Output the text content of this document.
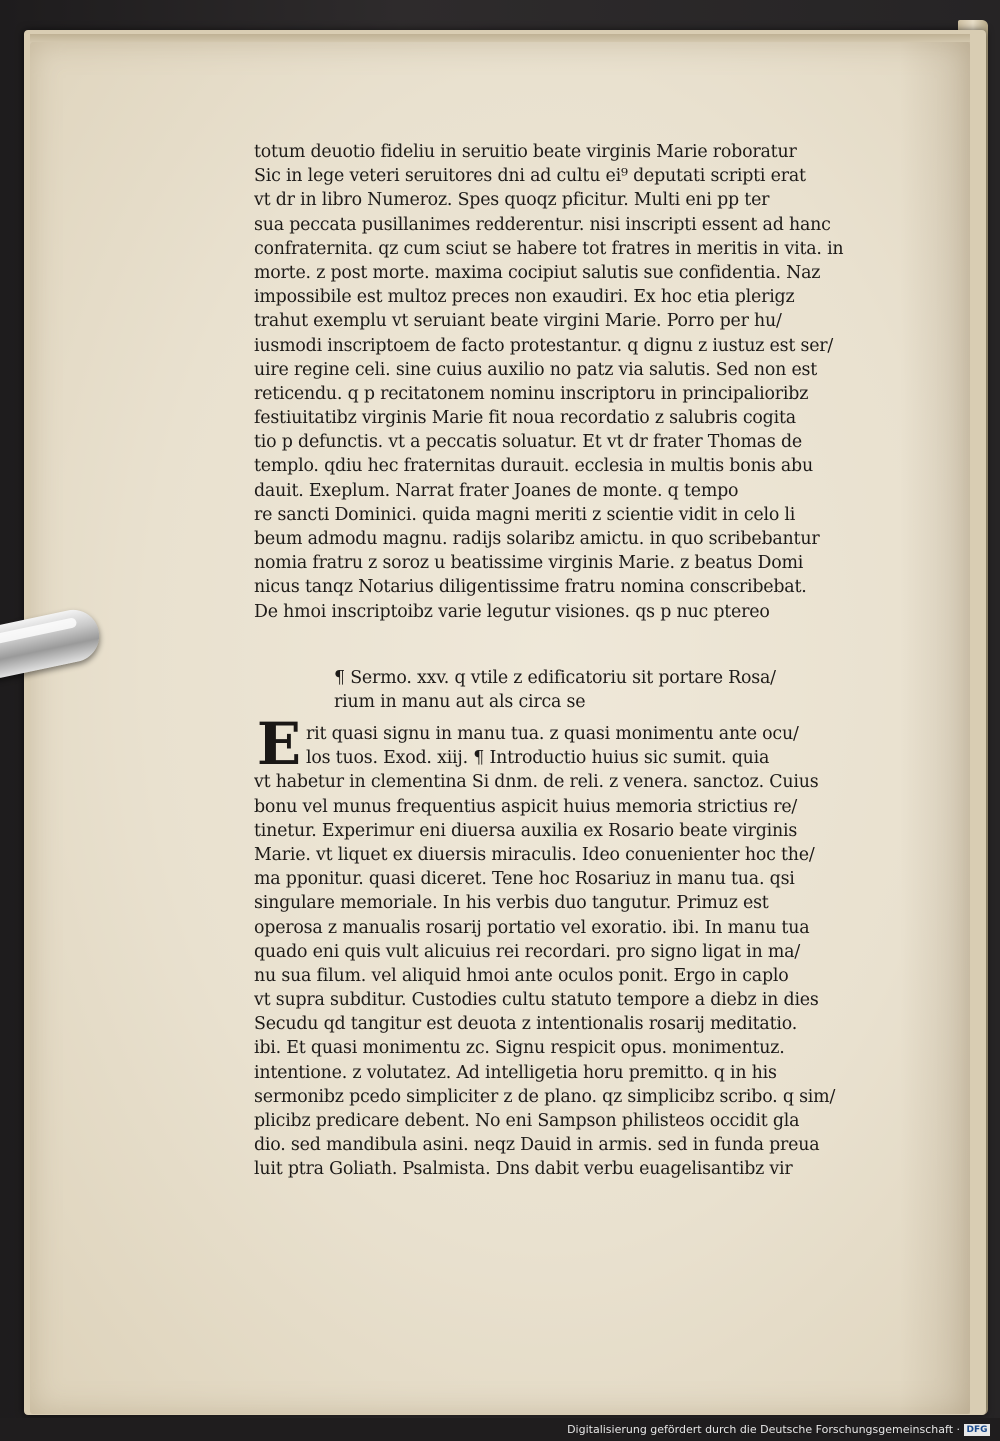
totum deuotio fideliu in seruitio beate virginis Marie roboratur
Sic in lege veteri seruitores dni ad cultu ei⁹ deputati scripti erat
vt dr in libro Numeroz. Spes quoqz pficitur. Multi eni pp ter
sua peccata pusillanimes redderentur. nisi inscripti essent ad hanc
confraternita. qz cum sciut se habere tot fratres in meritis in vita. in
morte. z post morte. maxima cocipiut salutis sue confidentia. Naz
impossibile est multoz preces non exaudiri. Ex hoc etia plerigz
trahut exemplu vt seruiant beate virgini Marie. Porro per hu/
iusmodi inscriptoem de facto protestantur. q dignu z iustuz est ser/
uire regine celi. sine cuius auxilio no patz via salutis. Sed non est
reticendu. q p recitatonem nominu inscriptoru in principalioribz
festiuitatibz virginis Marie fit noua recordatio z salubris cogita
tio p defunctis. vt a peccatis soluatur. Et vt dr frater Thomas de
templo. qdiu hec fraternitas durauit. ecclesia in multis bonis abu
dauit. Exeplum. Narrat frater Joanes de monte. q tempo
re sancti Dominici. quida magni meriti z scientie vidit in celo li
beum admodu magnu. radijs solaribz amictu. in quo scribebantur
nomia fratru z soroz u beatissime virginis Marie. z beatus Domi
nicus tanqz Notarius diligentissime fratru nomina conscribebat.
De hmoi inscriptoibz varie legutur visiones. qs p nuc ptereo
¶ Sermo. xxv. q vtile z edificatoriu sit portare Rosa/
rium in manu aut als circa se
E rit quasi signu in manu tua. z quasi monimentu ante ocu/
los tuos. Exod. xiij. ¶ Introductio huius sic sumit. quia
vt habetur in clementina Si dnm. de reli. z venera. sanctoz. Cuius
bonu vel munus frequentius aspicit huius memoria strictius re/
tinetur. Experimur eni diuersa auxilia ex Rosario beate virginis
Marie. vt liquet ex diuersis miraculis. Ideo conuenienter hoc the/
ma pponitur. quasi diceret. Tene hoc Rosariuz in manu tua. qsi
singulare memoriale. In his verbis duo tangutur. Primuz est
operosa z manualis rosarij portatio vel exoratio. ibi. In manu tua
quado eni quis vult alicuius rei recordari. pro signo ligat in ma/
nu sua filum. vel aliquid hmoi ante oculos ponit. Ergo in caplo
vt supra subditur. Custodies cultu statuto tempore a diebz in dies
Secudu qd tangitur est deuota z intentionalis rosarij meditatio.
ibi. Et quasi monimentu zc. Signu respicit opus. monimentuz.
intentione. z volutatez. Ad intelligetia horu premitto. q in his
sermonibz pcedo simpliciter z de plano. qz simplicibz scribo. q sim/
plicibz predicare debent. No eni Sampson philisteos occidit gla
dio. sed mandibula asini. neqz Dauid in armis. sed in funda preua
luit ptra Goliath. Psalmista. Dns dabit verbu euagelisantibz vir
Digitalisierung gefördert durch die Deutsche Forschungsgemeinschaft · DFG
